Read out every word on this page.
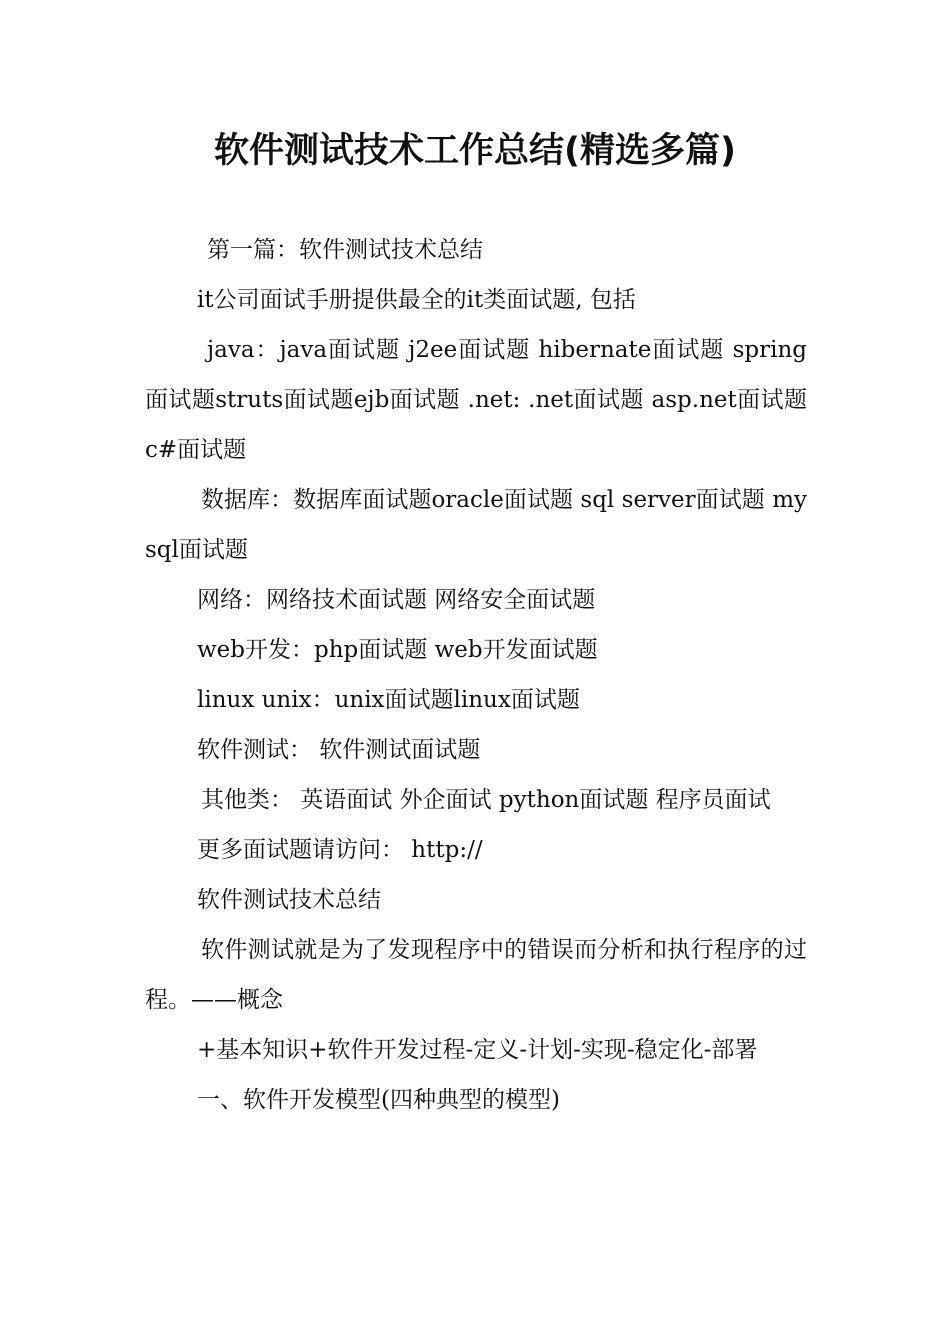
软件测试技术工作总结(精选多篇)

第一篇：软件测试技术总结

it公司面试手册提供最全的it类面试题, 包括

java：java面试题 j2ee面试题 hibernate面试题 spring面试题struts面试题ejb面试题 .net: .net面试题 asp.net面试题 c#面试题

数据库：数据库面试题oracle面试题 sql server面试题 mysql面试题

网络：网络技术面试题 网络安全面试题

web开发：php面试题 web开发面试题

linux unix：unix面试题linux面试题

软件测试： 软件测试面试题

其他类： 英语面试 外企面试 python面试题 程序员面试

更多面试题请访问： http://

软件测试技术总结

软件测试就是为了发现程序中的错误而分析和执行程序的过程。——概念

+基本知识+软件开发过程-定义-计划-实现-稳定化-部署

一、软件开发模型(四种典型的模型)
